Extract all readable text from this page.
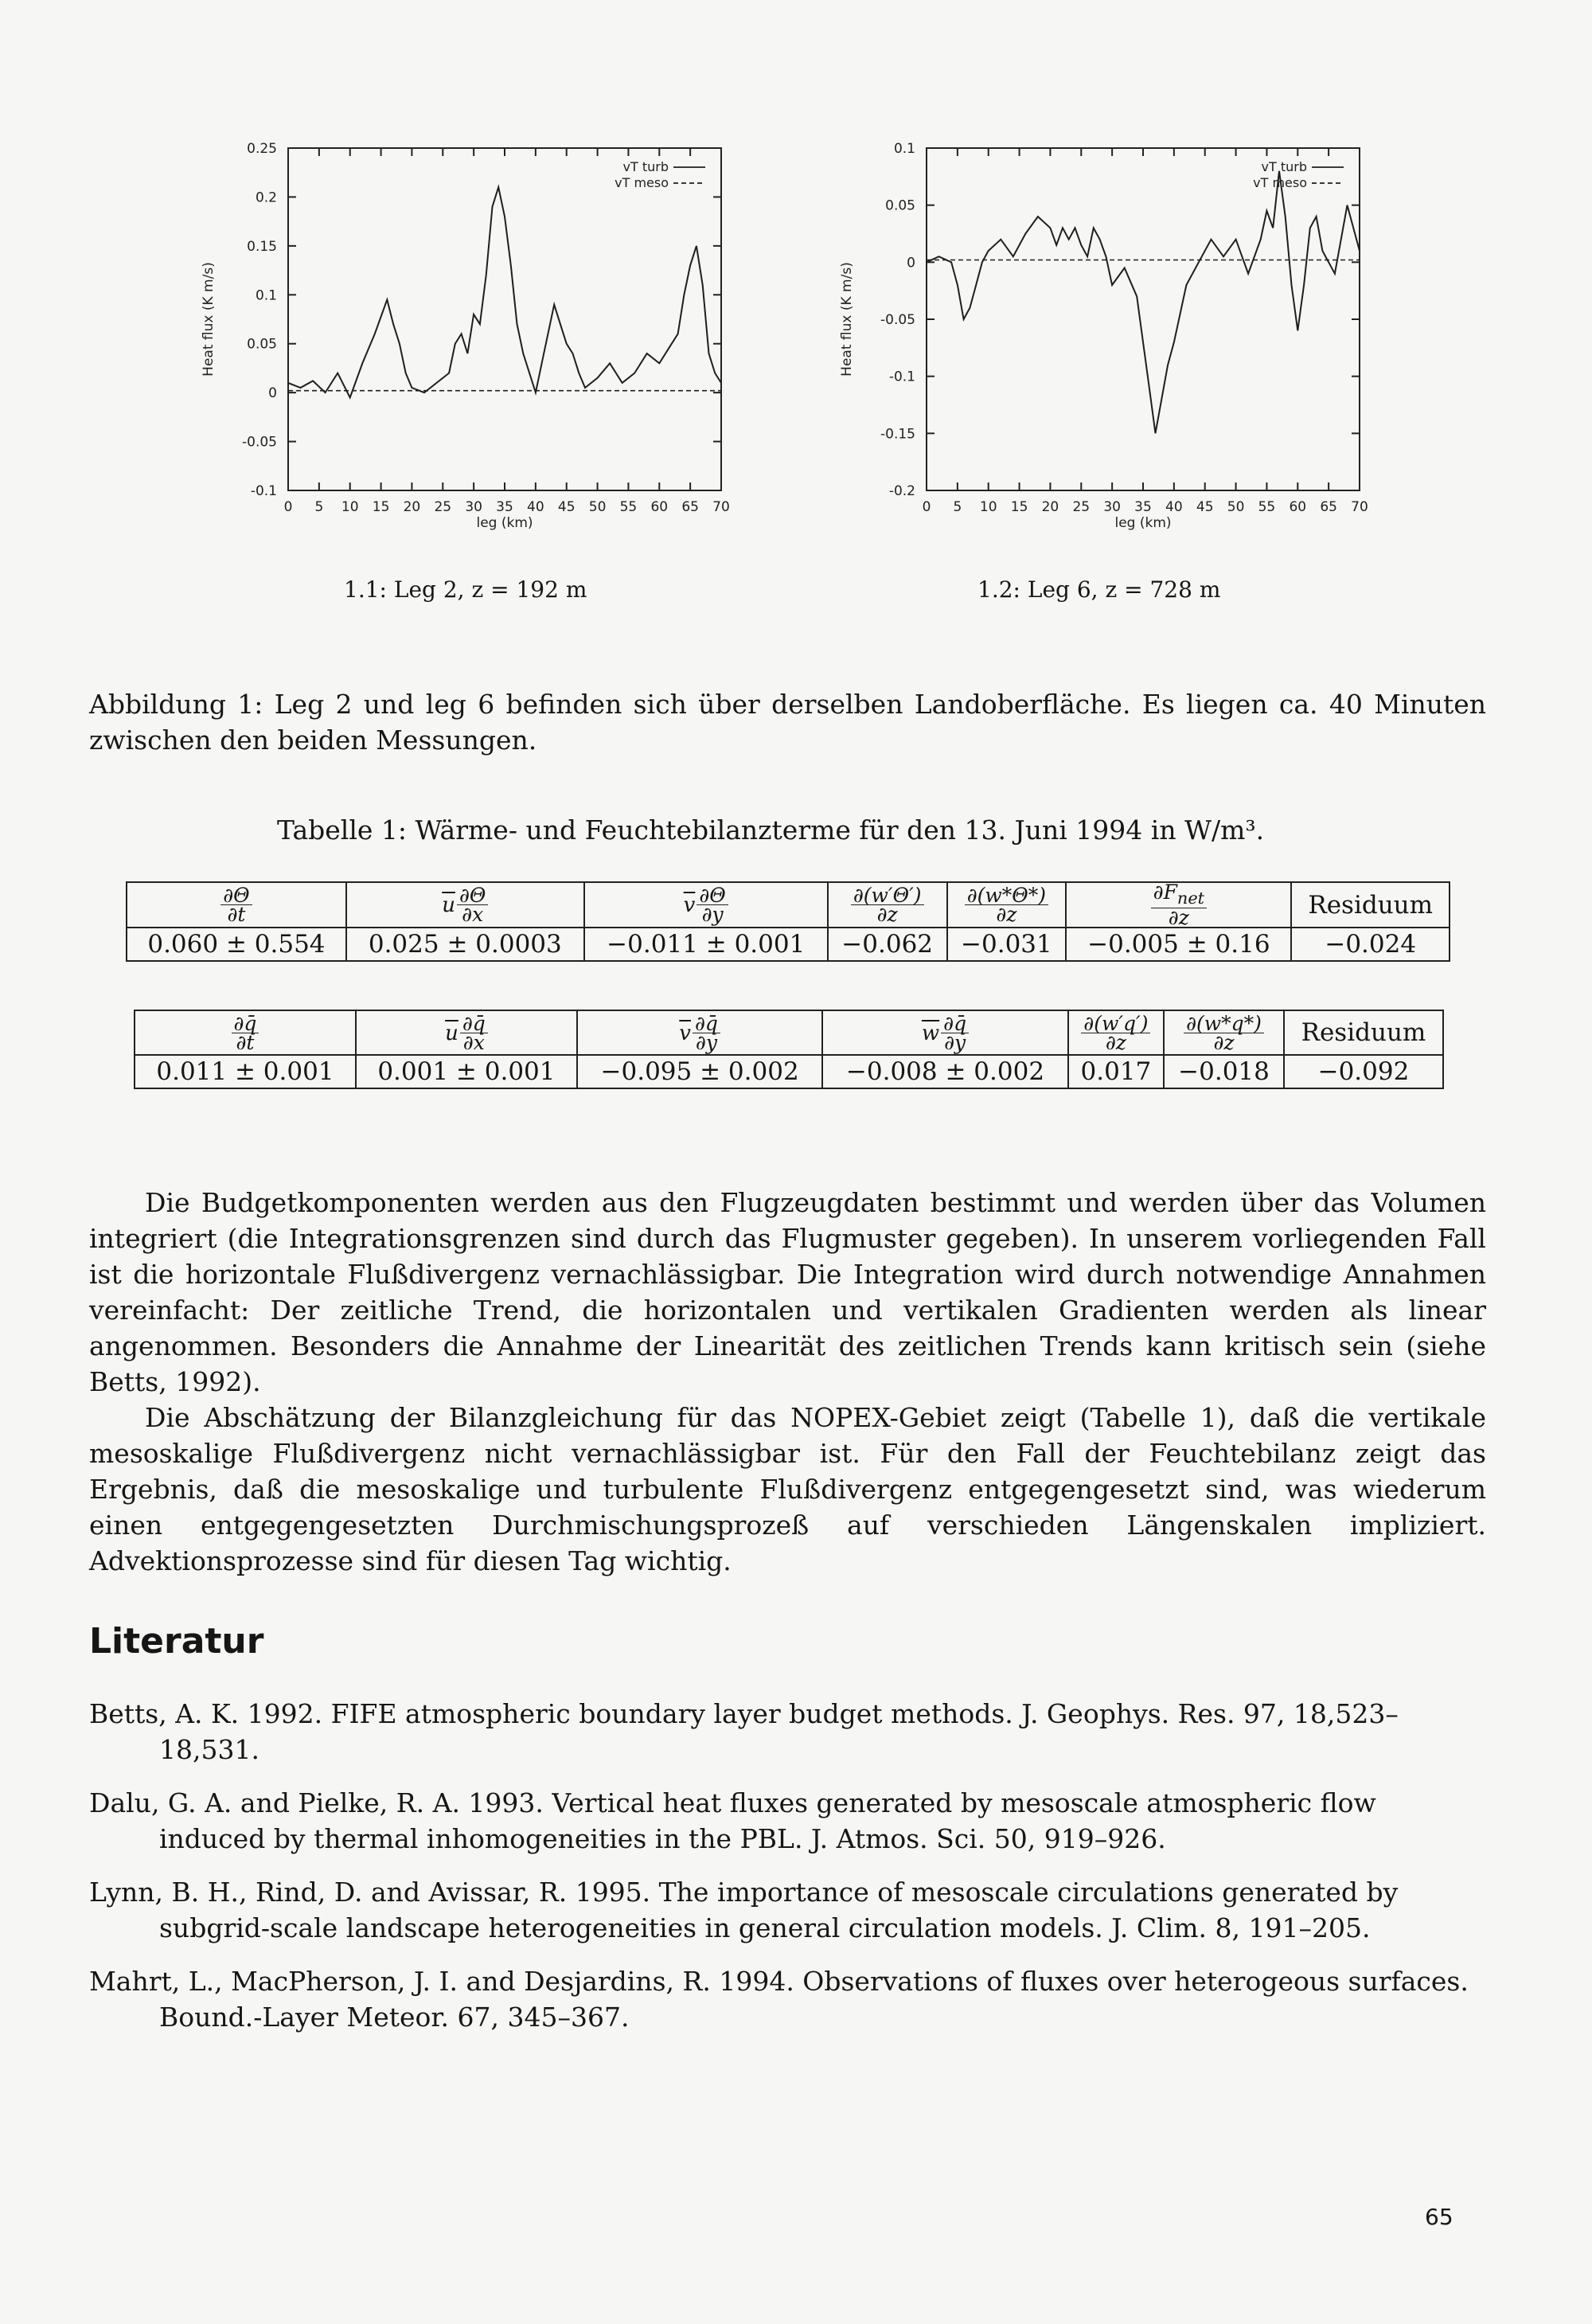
0 5 10 15 20 25 30 35 40 45 50 55 60 65 70
0.25
0.2
0.15
0.1
0.05
0
-0.05
-0.1
leg (km)
Heat flux (K m/s)
vT turb
vT meso
0 5 10 15 20 25 30 35 40 45 50 55 60 65 70
0.1
0.05
0
-0.05
-0.1
-0.15
-0.2
leg (km)
Heat flux (K m/s)
vT turb
vT meso
1.1: Leg 2, z = 192 m	1.2: Leg 6, z = 728 m
Abbildung 1: Leg 2 und leg 6 befinden sich über derselben Landoberfläche. Es liegen ca. 40 Minuten zwischen den beiden Messungen.
Tabelle 1: Wärme- und Feuchtebilanzterme für den 13. Juni 1994 in W/m³.
$\frac{\partial\Theta}{\partial t}$	$\overline{u} \frac{\partial\Theta}{\partial x}$	$\overline{v} \frac{\partial\Theta}{\partial y}$	$\frac{\partial(w'\Theta')}{\partial z}$	$\frac{\partial(w*\Theta*)}{\partial z}$	$\frac{\partial F_{net}}{\partial z}$	Residuum
0.060 ± 0.554	0.025 ± 0.0003	−0.011 ± 0.001	−0.062	−0.031	−0.005 ± 0.16	−0.024
$\frac{\partial q̄}{\partial t}$	$\overline{u} \frac{\partial q̄}{\partial x}$	$\overline{v} \frac{\partial q̄}{\partial y}$	$\overline{w} \frac{\partial q̄}{\partial y}$	$\frac{\partial(w'q')}{\partial z}$	$\frac{\partial(w*q*)}{\partial z}$	Residuum
0.011 ± 0.001	0.001 ± 0.001	−0.095 ± 0.002	−0.008 ± 0.002	0.017	−0.018	−0.092

Die Budgetkomponenten werden aus den Flugzeugdaten bestimmt und werden über das Volumen integriert (die Integrationsgrenzen sind durch das Flugmuster gegeben). In unserem vorliegenden Fall ist die horizontale Flußdivergenz vernachlässigbar. Die Integration wird durch notwendige Annahmen vereinfacht: Der zeitliche Trend, die horizontalen und vertikalen Gradienten werden als linear angenommen. Besonders die Annahme der Linearität des zeitlichen Trends kann kritisch sein (siehe Betts, 1992).

Die Abschätzung der Bilanzgleichung für das NOPEX-Gebiet zeigt (Tabelle 1), daß die vertikale mesoskalige Flußdivergenz nicht vernachlässigbar ist. Für den Fall der Feuchtebilanz zeigt das Ergebnis, daß die mesoskalige und turbulente Flußdivergenz entgegengesetzt sind, was wiederum einen entgegengesetzten Durchmischungsprozeß auf verschieden Längenskalen impliziert. Advektionsprozesse sind für diesen Tag wichtig.

Literatur

Betts, A. K. 1992. FIFE atmospheric boundary layer budget methods. J. Geophys. Res. 97, 18,523–18,531.

Dalu, G. A. and Pielke, R. A. 1993. Vertical heat fluxes generated by mesoscale atmospheric flow induced by thermal inhomogeneities in the PBL. J. Atmos. Sci. 50, 919–926.

Lynn, B. H., Rind, D. and Avissar, R. 1995. The importance of mesoscale circulations generated by subgrid-scale landscape heterogeneities in general circulation models. J. Clim. 8, 191–205.

Mahrt, L., MacPherson, J. I. and Desjardins, R. 1994. Observations of fluxes over heterogeous surfaces. Bound.-Layer Meteor. 67, 345–367.

65
